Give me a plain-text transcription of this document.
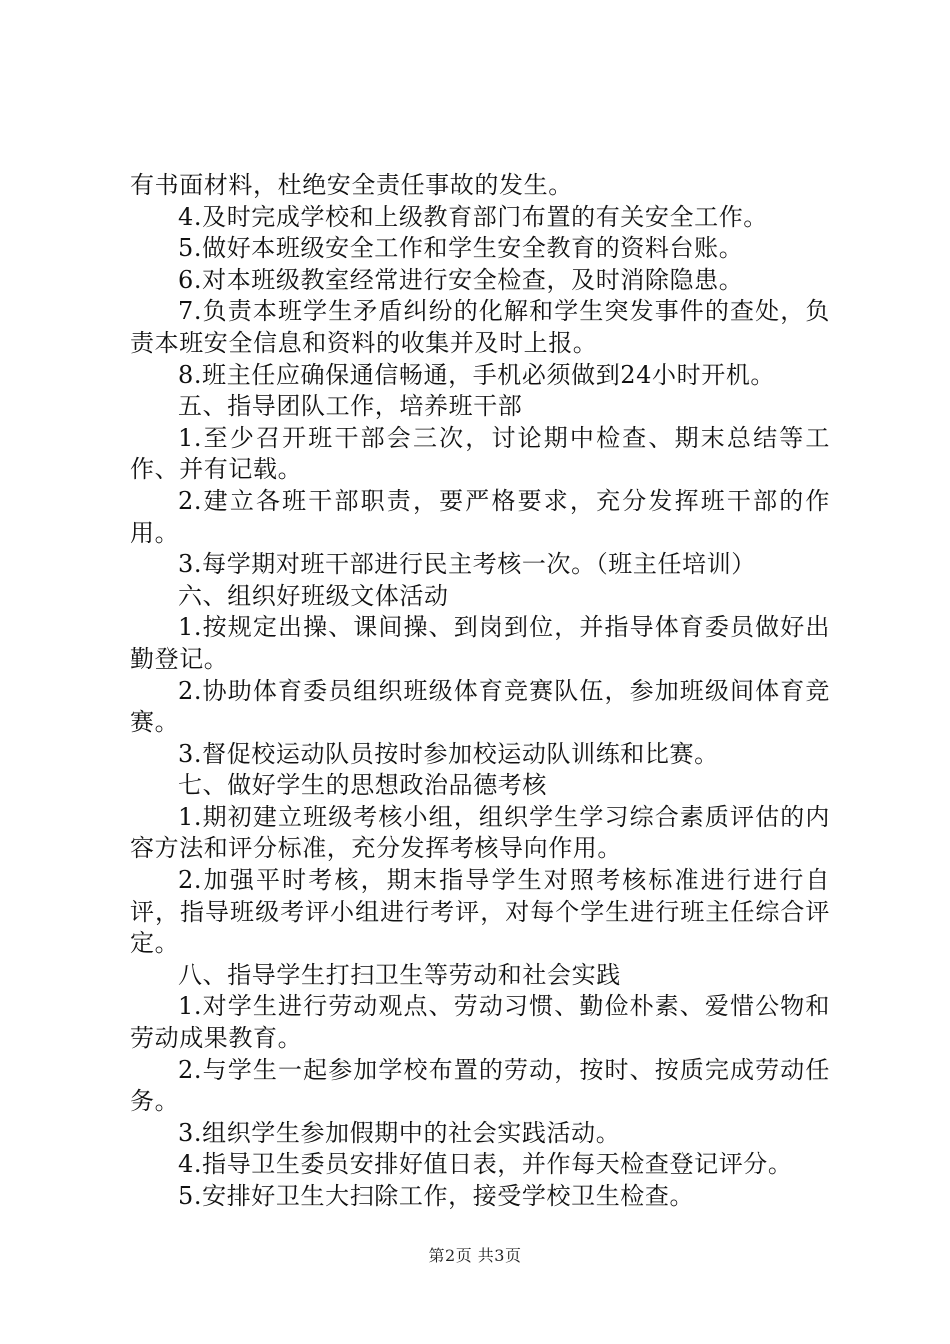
有书面材料，杜绝安全责任事故的发生。

4.及时完成学校和上级教育部门布置的有关安全工作。

5.做好本班级安全工作和学生安全教育的资料台账。

6.对本班级教室经常进行安全检查，及时消除隐患。

7.负责本班学生矛盾纠纷的化解和学生突发事件的查处，负责本班安全信息和资料的收集并及时上报。

8.班主任应确保通信畅通，手机必须做到24小时开机。

五、指导团队工作，培养班干部

1.至少召开班干部会三次，讨论期中检查、期末总结等工作、并有记载。

2.建立各班干部职责，要严格要求，充分发挥班干部的作用。

3.每学期对班干部进行民主考核一次。（班主任培训）

六、组织好班级文体活动

1.按规定出操、课间操、到岗到位，并指导体育委员做好出勤登记。

2.协助体育委员组织班级体育竞赛队伍，参加班级间体育竞赛。

3.督促校运动队员按时参加校运动队训练和比赛。

七、做好学生的思想政治品德考核

1.期初建立班级考核小组，组织学生学习综合素质评估的内容方法和评分标准，充分发挥考核导向作用。

2.加强平时考核，期末指导学生对照考核标准进行进行自评，指导班级考评小组进行考评，对每个学生进行班主任综合评定。

八、指导学生打扫卫生等劳动和社会实践

1.对学生进行劳动观点、劳动习惯、勤俭朴素、爱惜公物和劳动成果教育。

2.与学生一起参加学校布置的劳动，按时、按质完成劳动任务。

3.组织学生参加假期中的社会实践活动。

4.指导卫生委员安排好值日表，并作每天检查登记评分。

5.安排好卫生大扫除工作，接受学校卫生检查。

第2页 共3页
